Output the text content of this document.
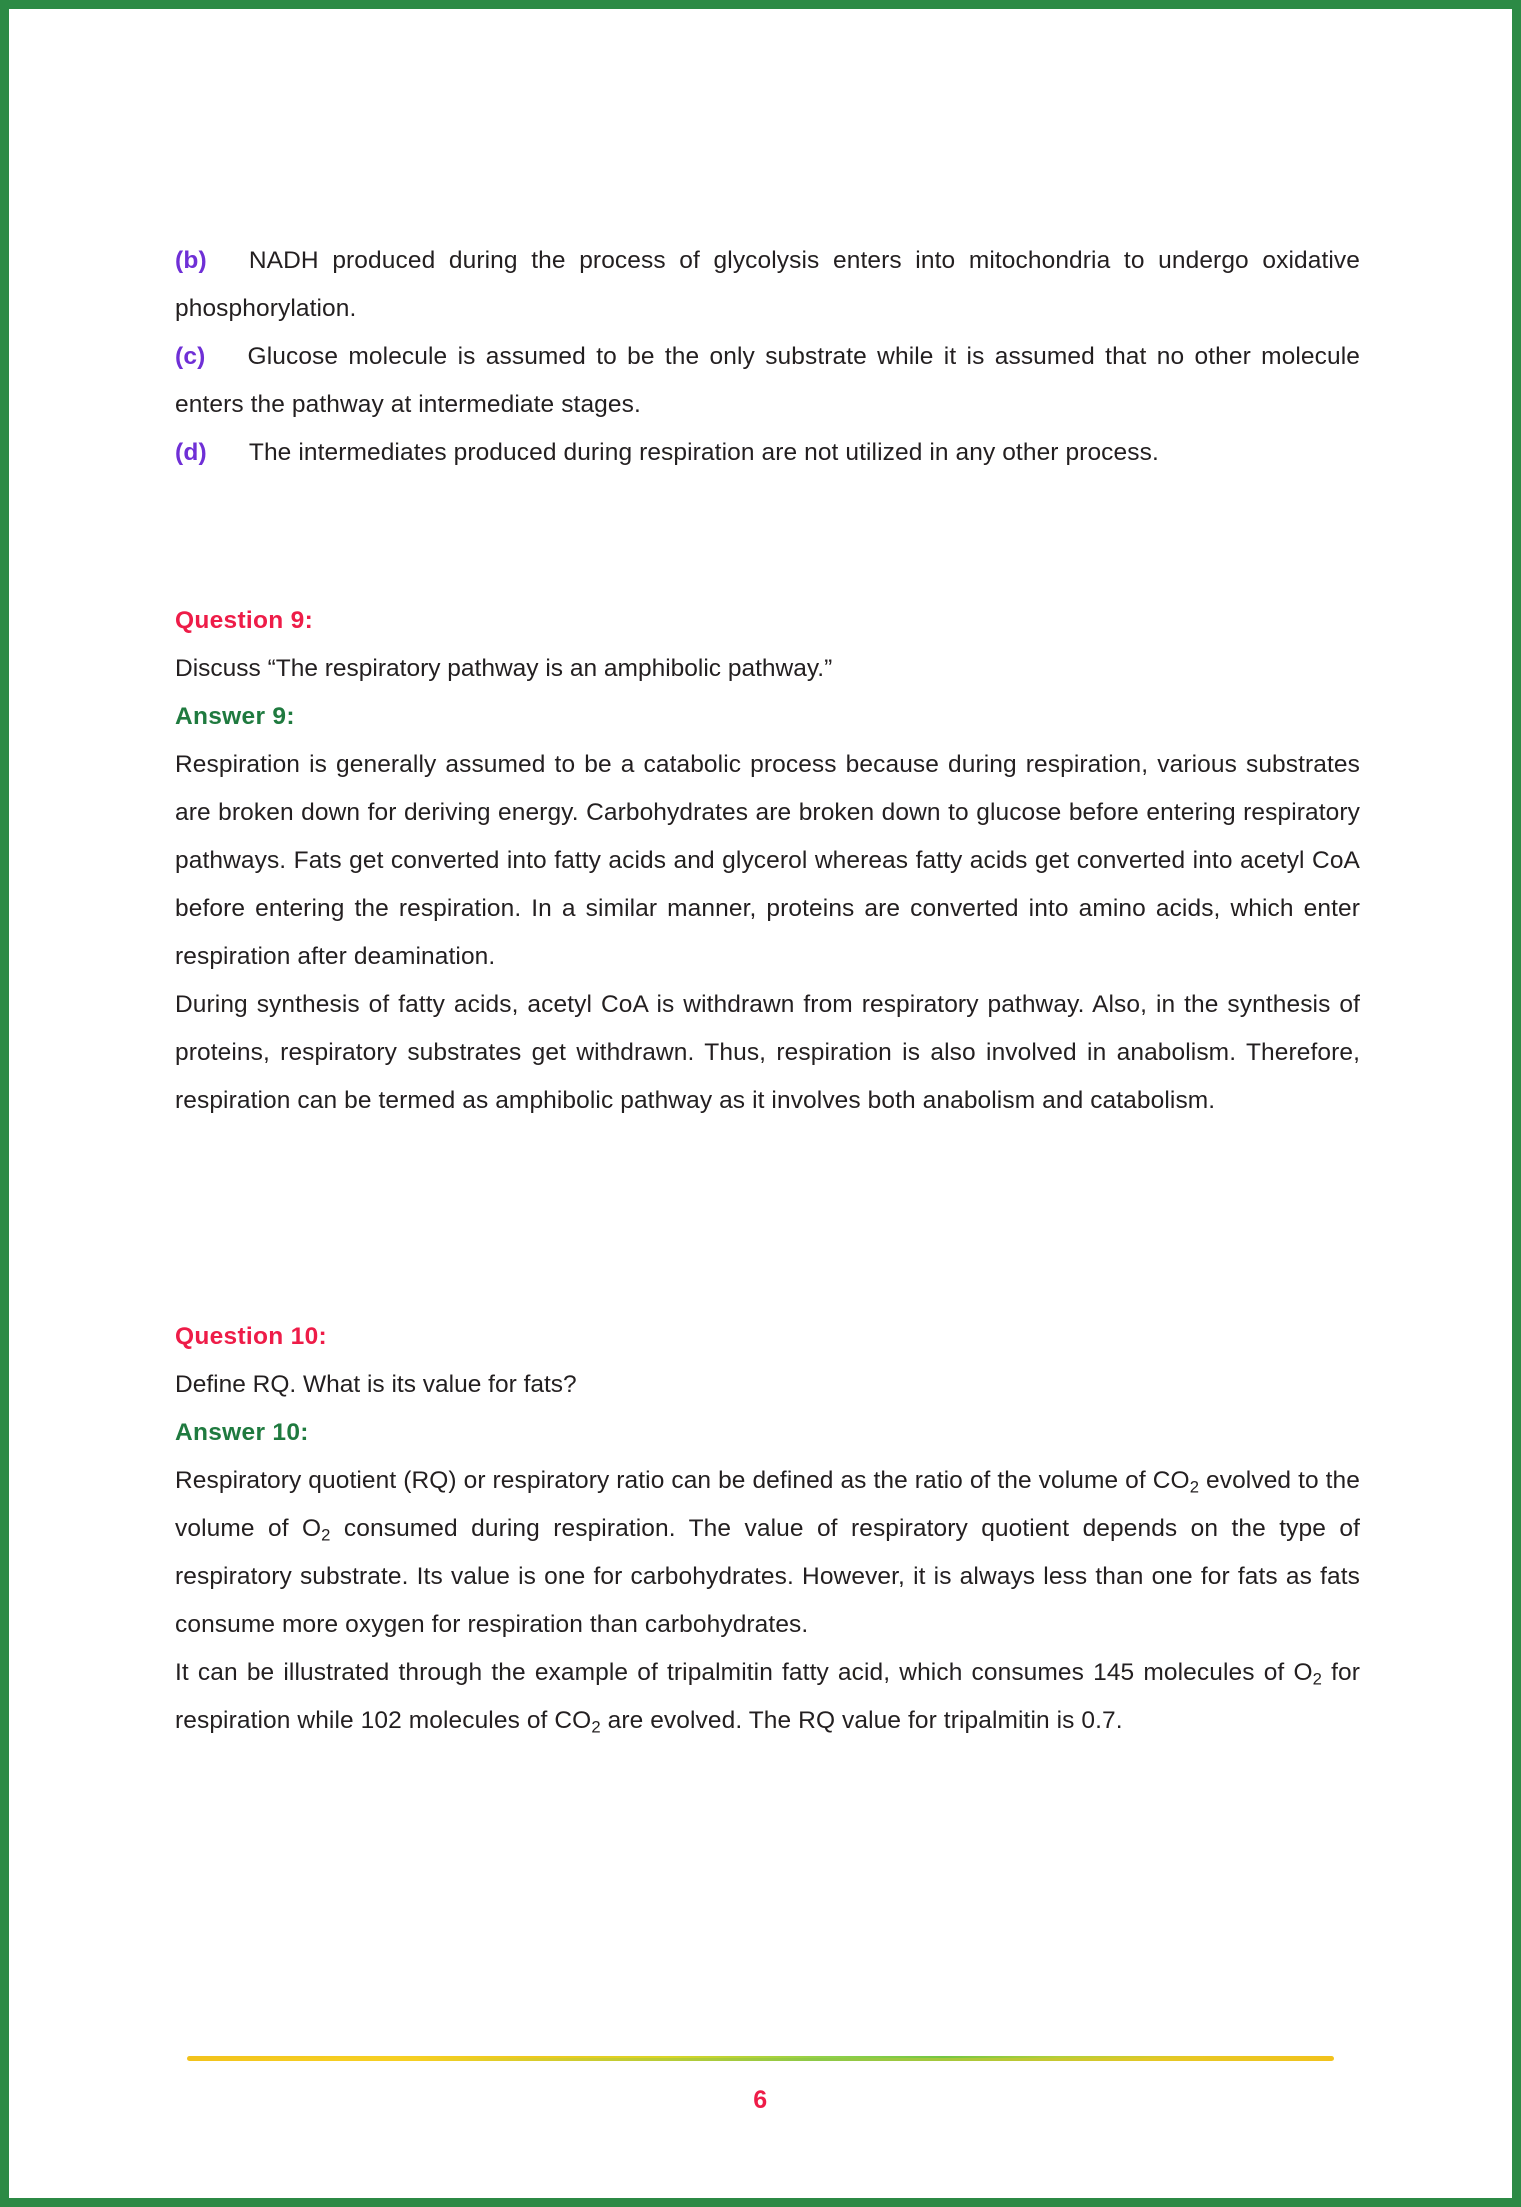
(b) NADH produced during the process of glycolysis enters into mitochondria to undergo oxidative phosphorylation.

(c) Glucose molecule is assumed to be the only substrate while it is assumed that no other molecule enters the pathway at intermediate stages.

(d) The intermediates produced during respiration are not utilized in any other process.

Question 9:

Discuss “The respiratory pathway is an amphibolic pathway.”

Answer 9:

Respiration is generally assumed to be a catabolic process because during respiration, various substrates are broken down for deriving energy. Carbohydrates are broken down to glucose before entering respiratory pathways. Fats get converted into fatty acids and glycerol whereas fatty acids get converted into acetyl CoA before entering the respiration. In a similar manner, proteins are converted into amino acids, which enter respiration after deamination.

During synthesis of fatty acids, acetyl CoA is withdrawn from respiratory pathway. Also, in the synthesis of proteins, respiratory substrates get withdrawn. Thus, respiration is also involved in anabolism. Therefore, respiration can be termed as amphibolic pathway as it involves both anabolism and catabolism.

Question 10:

Define RQ. What is its value for fats?

Answer 10:

Respiratory quotient (RQ) or respiratory ratio can be defined as the ratio of the volume of $CO_2$ evolved to the volume of $O_2$ consumed during respiration. The value of respiratory quotient depends on the type of respiratory substrate. Its value is one for carbohydrates. However, it is always less than one for fats as fats consume more oxygen for respiration than carbohydrates.

It can be illustrated through the example of tripalmitin fatty acid, which consumes 145 molecules of $O_2$ for respiration while 102 molecules of $CO_2$ are evolved. The RQ value for tripalmitin is 0.7.

6
